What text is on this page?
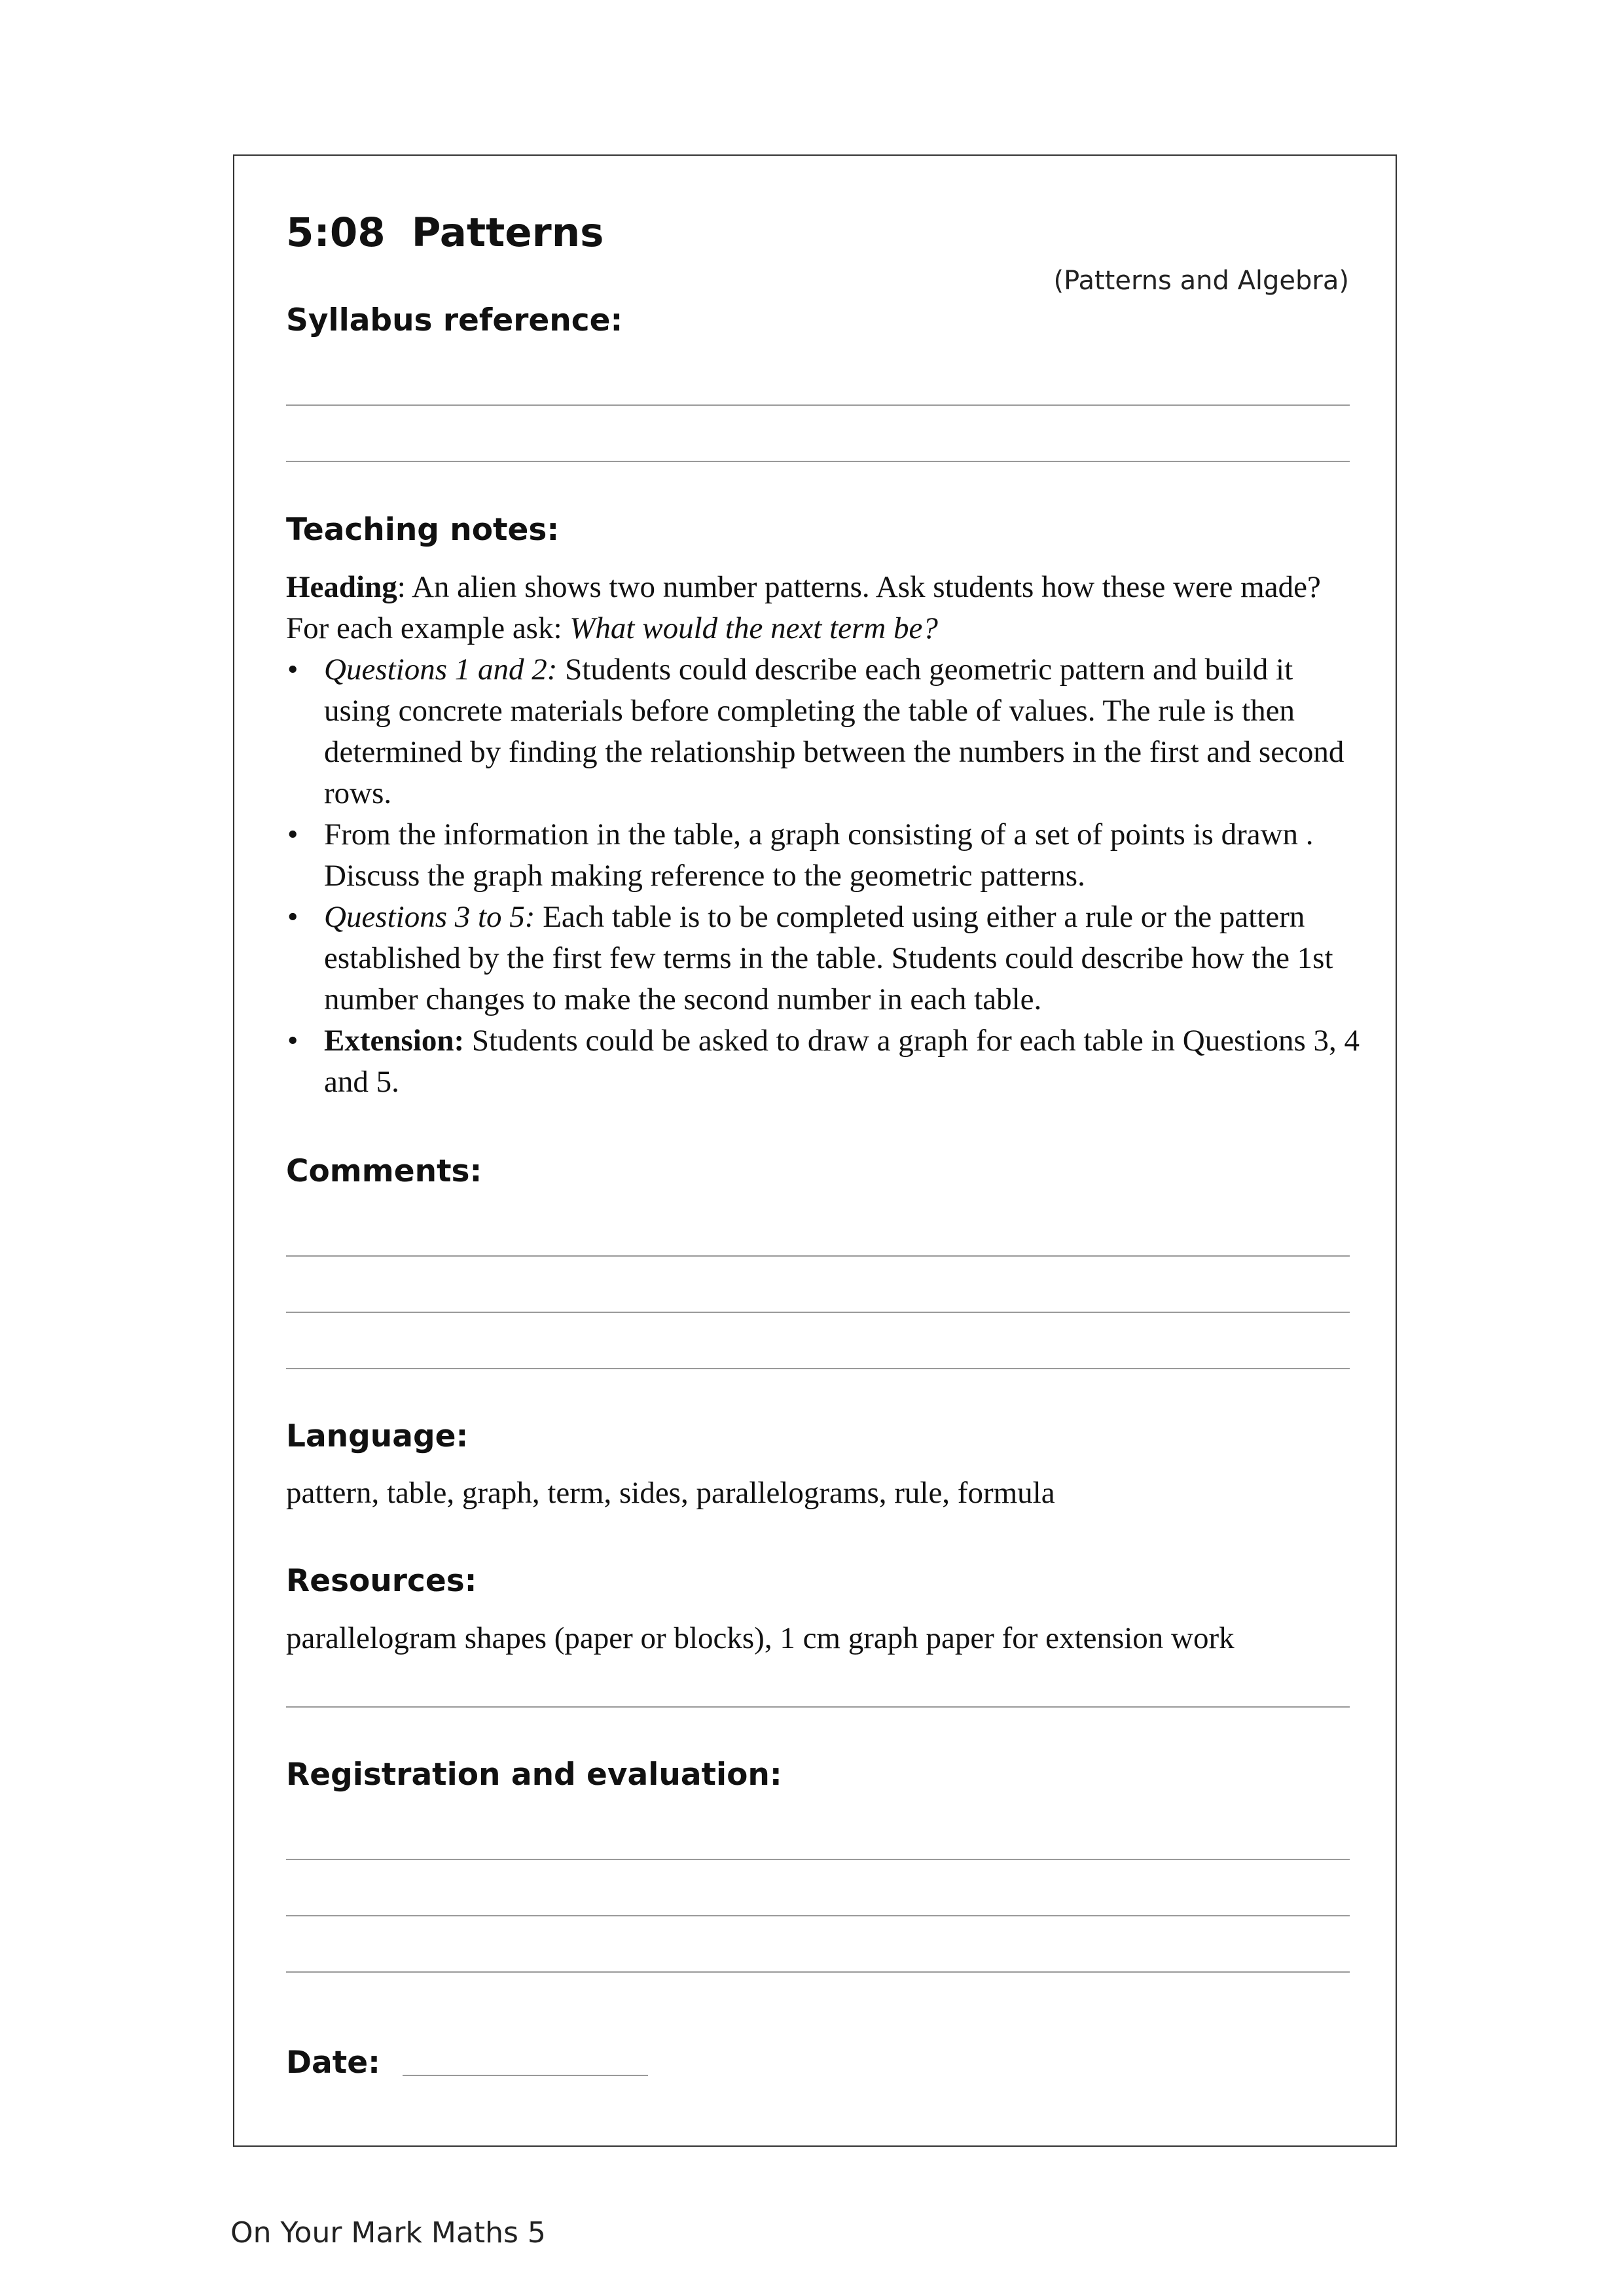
5:08 Patterns
(Patterns and Algebra)
Syllabus reference:
Teaching notes:

Heading: An alien shows two number patterns. Ask students how these were made? For each example ask: What would the next term be?

• Questions 1 and 2: Students could describe each geometric pattern and build it using concrete materials before completing the table of values. The rule is then determined by finding the relationship between the numbers in the first and second rows.
• From the information in the table, a graph consisting of a set of points is drawn . Discuss the graph making reference to the geometric patterns.
• Questions 3 to 5: Each table is to be completed using either a rule or the pattern established by the first few terms in the table. Students could describe how the 1st number changes to make the second number in each table.
• Extension: Students could be asked to draw a graph for each table in Questions 3, 4 and 5.
Comments:
Language:
pattern, table, graph, term, sides, parallelograms, rule, formula
Resources:
parallelogram shapes (paper or blocks), 1 cm graph paper for extension work
Registration and evaluation:
Date:
On Your Mark Maths 5
